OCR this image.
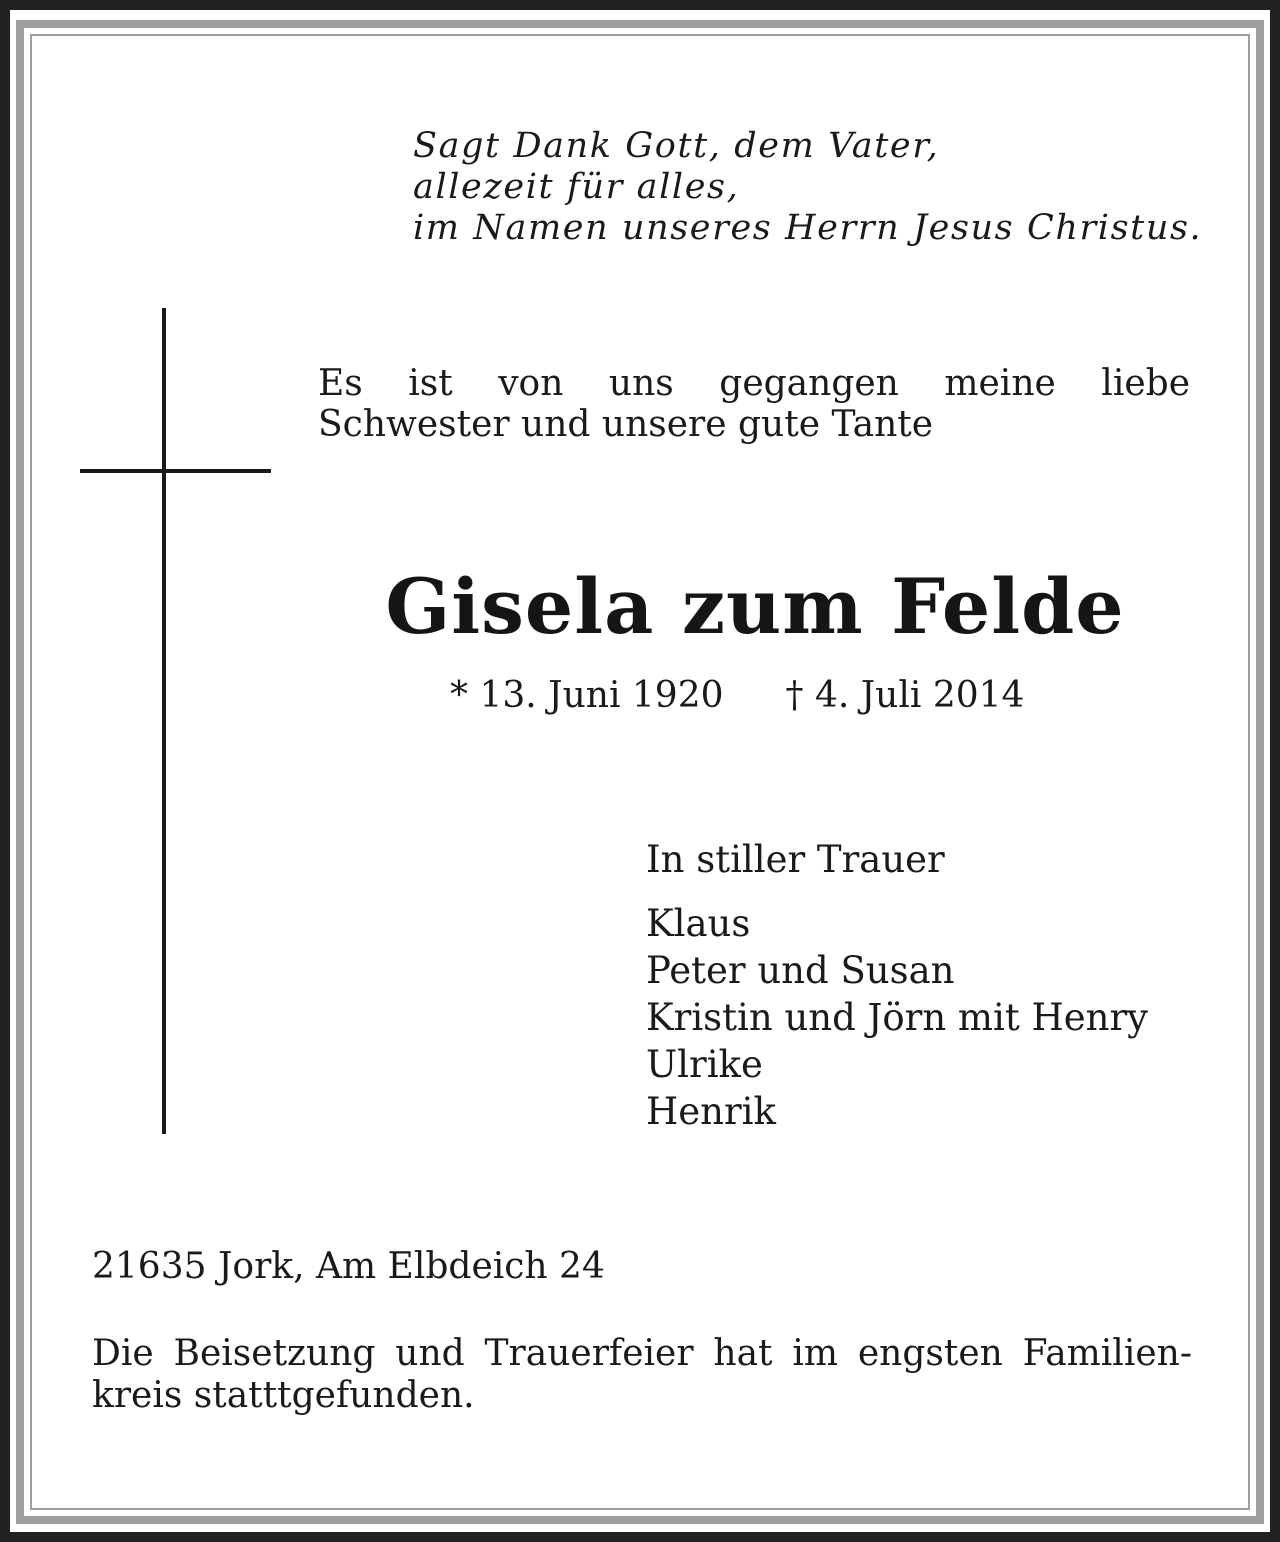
Sagt Dank Gott, dem Vater,
allezeit für alles,
im Namen unseres Herrn Jesus Christus.
Es ist von uns gegangen meine liebe
Schwester und unsere gute Tante
Gisela zum Felde
* 13. Juni 1920 † 4. Juli 2014
In stiller Trauer
Klaus
Peter und Susan
Kristin und Jörn mit Henry
Ulrike
Henrik
21635 Jork, Am Elbdeich 24
Die Beisetzung und Trauerfeier hat im engsten Familien-
kreis statttgefunden.
